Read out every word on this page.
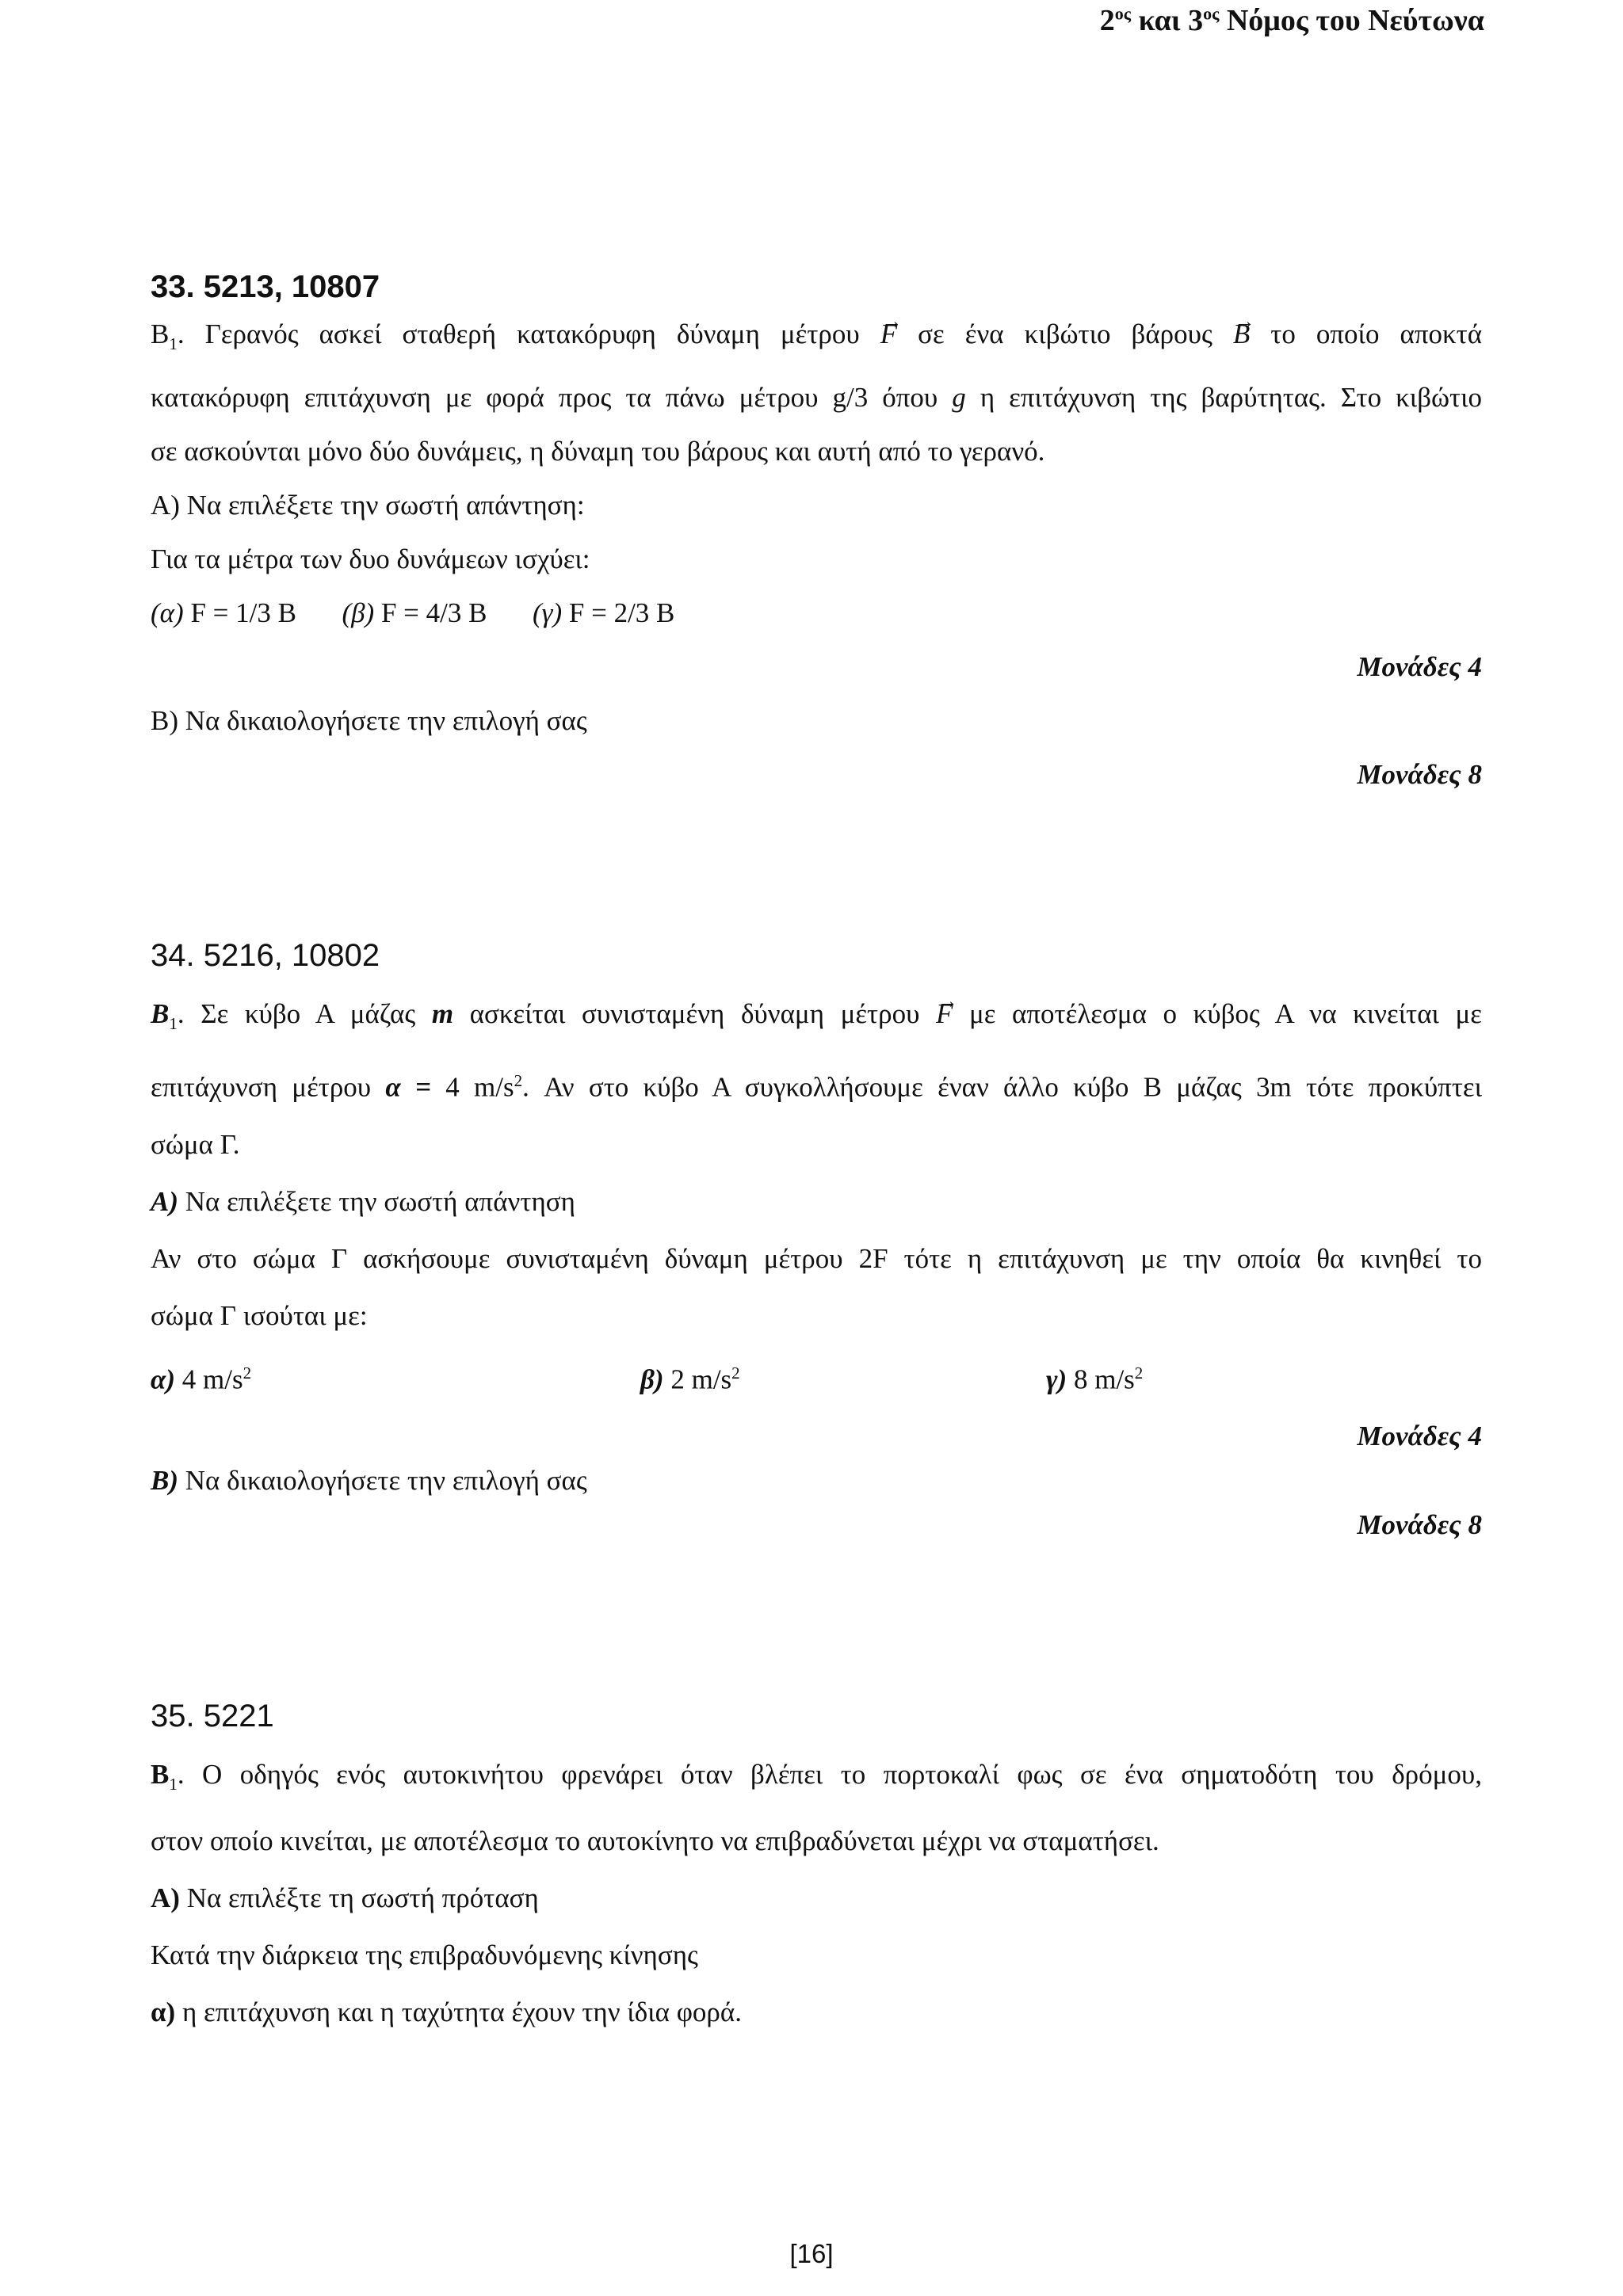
$2^{o\varsigma}$ και $3^{o\varsigma}$ Νόμος του Νεύτωνα

33. 5213, 10807

$B_1$. Γερανός ασκεί σταθερή κατακόρυφη δύναμη μέτρου → F σε ένα κιβώτιο βάρους → B το οποίο αποκτά

κατακόρυφη επιτάχυνση με φορά προς τα πάνω μέτρου g/3 όπου g η επιτάχυνση της βαρύτητας. Στο κιβώτιο

σε ασκούνται μόνο δύο δυνάμεις, η δύναμη του βάρους και αυτή από το γερανό.

Α) Να επιλέξετε την σωστή απάντηση:

Για τα μέτρα των δυο δυνάμεων ισχύει:

(α) F = 1/3 B (β) F = 4/3 B (γ) F = 2/3 B

Μονάδες 4

Β) Να δικαιολογήσετε την επιλογή σας

Μονάδες 8

34. 5216, 10802

$B_1$. Σε κύβο Α μάζας m ασκείται συνισταμένη δύναμη μέτρου → F με αποτέλεσμα ο κύβος Α να κινείται με

επιτάχυνση μέτρου α = 4 $m/s^2$. Αν στο κύβο Α συγκολλήσουμε έναν άλλο κύβο Β μάζας 3m τότε προκύπτει

σώμα Γ.

Α) Να επιλέξετε την σωστή απάντηση

Αν στο σώμα Γ ασκήσουμε συνισταμένη δύναμη μέτρου 2F τότε η επιτάχυνση με την οποία θα κινηθεί το

σώμα Γ ισούται με:

α) 4 $m/s^2$	β) 2 $m/s^2$	γ) 8 $m/s^2$

Μονάδες 4

Β) Να δικαιολογήσετε την επιλογή σας

Μονάδες 8

35. 5221

$B_1$. Ο οδηγός ενός αυτοκινήτου φρενάρει όταν βλέπει το πορτοκαλί φως σε ένα σηματοδότη του δρόμου,

στον οποίο κινείται, με αποτέλεσμα το αυτοκίνητο να επιβραδύνεται μέχρι να σταματήσει.

Α) Να επιλέξτε τη σωστή πρόταση

Κατά την διάρκεια της επιβραδυνόμενης κίνησης

α) η επιτάχυνση και η ταχύτητα έχουν την ίδια φορά.

[16]
